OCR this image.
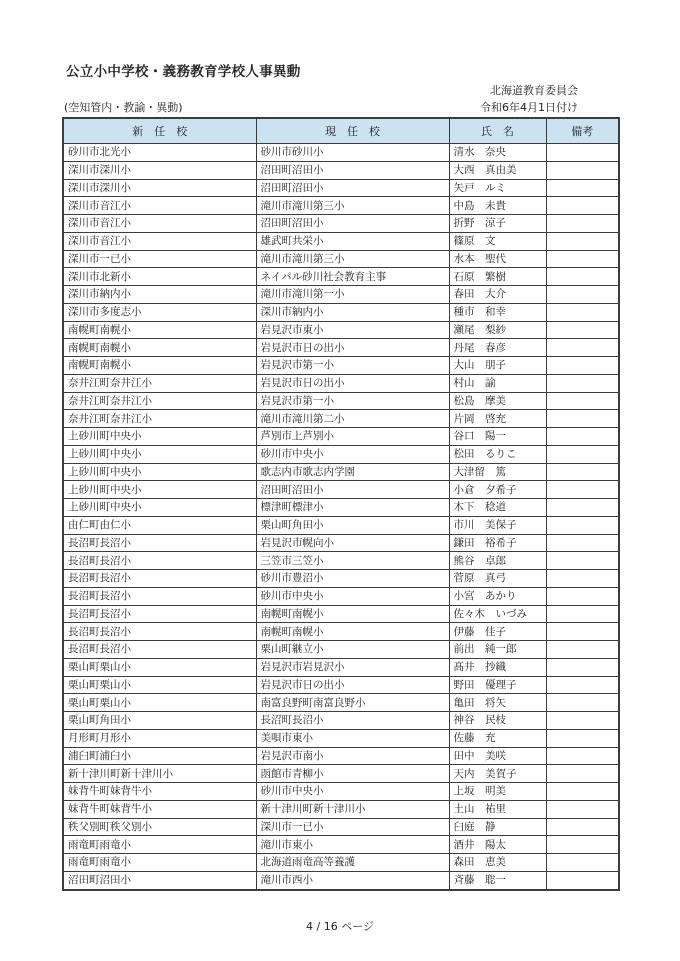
公立小中学校・義務教育学校人事異動
北海道教育委員会
(空知管内・教諭・異動)	令和6年4月1日付け
新　任　校	現　任　校	氏　名	備考
砂川市北光小	砂川市砂川小	清水　奈央	
深川市深川小	沼田町沼田小	大西　真由美	
深川市深川小	沼田町沼田小	矢戸　ルミ	
深川市音江小	滝川市滝川第三小	中島　未貴	
深川市音江小	沼田町沼田小	折野　涼子	
深川市音江小	雄武町共栄小	篠原　文	
深川市一已小	滝川市滝川第三小	水本　聖代	
深川市北新小	ネイパル砂川社会教育主事	石原　繁樹	
深川市納内小	滝川市滝川第一小	春田　大介	
深川市多度志小	深川市納内小	種市　和幸	
南幌町南幌小	岩見沢市東小	瀬尾　梨紗	
南幌町南幌小	岩見沢市日の出小	丹尾　春彦	
南幌町南幌小	岩見沢市第一小	大山　朋子	
奈井江町奈井江小	岩見沢市日の出小	村山　諭	
奈井江町奈井江小	岩見沢市第一小	松島　摩美	
奈井江町奈井江小	滝川市滝川第二小	片岡　啓充	
上砂川町中央小	芦別市上芦別小	谷口　陽一	
上砂川町中央小	砂川市中央小	松田　るりこ	
上砂川町中央小	歌志内市歌志内学園	大津留　篤	
上砂川町中央小	沼田町沼田小	小倉　夕希子	
上砂川町中央小	標津町標津小	木下　稔道	
由仁町由仁小	栗山町角田小	市川　美保子	
長沼町長沼小	岩見沢市幌向小	鎌田　裕希子	
長沼町長沼小	三笠市三笠小	熊谷　卓郎	
長沼町長沼小	砂川市豊沼小	菅原　真弓	
長沼町長沼小	砂川市中央小	小宮　あかり	
長沼町長沼小	南幌町南幌小	佐々木　いづみ	
長沼町長沼小	南幌町南幌小	伊藤　佳子	
長沼町長沼小	栗山町継立小	前出　純一郎	
栗山町栗山小	岩見沢市岩見沢小	髙井　抄織	
栗山町栗山小	岩見沢市日の出小	野田　優理子	
栗山町栗山小	南富良野町南富良野小	亀田　将矢	
栗山町角田小	長沼町長沼小	神谷　民枝	
月形町月形小	美唄市東小	佐藤　充	
浦臼町浦臼小	岩見沢市南小	田中　美咲	
新十津川町新十津川小	函館市青柳小	天内　美賀子	
妹背牛町妹背牛小	砂川市中央小	上坂　明美	
妹背牛町妹背牛小	新十津川町新十津川小	土山　祐里	
秩父別町秩父別小	深川市一已小	臼庭　静	
雨竜町雨竜小	滝川市東小	酒井　陽太	
雨竜町雨竜小	北海道雨竜高等養護	森田　恵美	
沼田町沼田小	滝川市西小	斉藤　聡一	
4 / 16 ページ
